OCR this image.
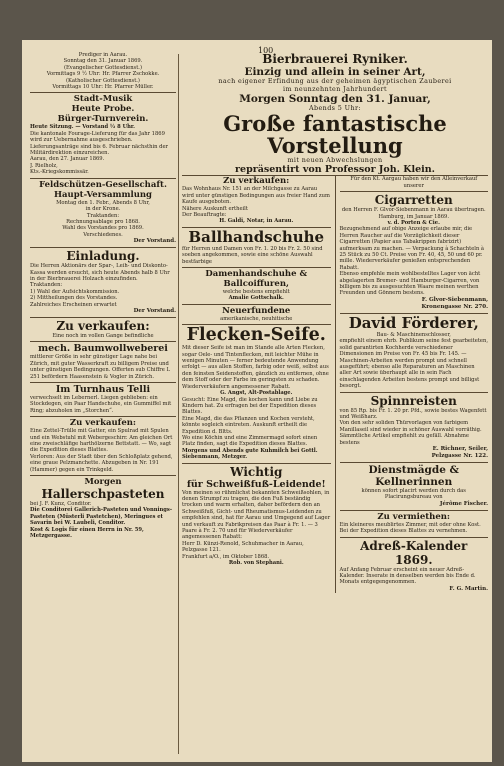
100
Prediger in Aarau.
Sonntag den 31. Januar 1869.
(Evangelischer Gottesdienst.)
Vormittags 9 ½ Uhr: Hr. Pfarrer Zschokke.
(Katholischer Gottesdienst.)
Vormittags 10 Uhr: Hr. Pfarrer Müller.
Stadt-Musik
Heute Probe.
Bürger-Turnverein.
Heute Sitzung. — Vorstand ½ 8 Uhr.
Die kantonale Fourage-Lieferung für das Jahr 1869 wird zur Uebernahme ausgeschrieben.
Lieferungsanträge sind bis 6. Februar nächsthin der Militärdirektion einzureichen.
Aarau, den 27. Januar 1869.
J. Rielholz,
Kts.-Kriegskommissär.
Feldschützen-Gesellschaft.
Haupt-Versammlung
Montag den 1. Febr., Abends 8 Uhr,
in der Krone.
Traktanden:
Rechnungsablage pro 1868.
Wahl des Vorstandes pro 1869.
Verschiedenes.
Der Vorstand.
Einladung.
Die Herren Aktionärs der Spar-, Leih- und Diskonto-Kassa werden ersucht, sich heute Abends halb 8 Uhr in der Bierbrauerei Holzach einzufinden.
Traktanden:
1) Wahl der Aufsichtskommission.
2) Mittheilungen des Vorstandes.
Zahlreiches Erscheinen erwartet
Der Vorstand.
Zu verkaufen:
Eine noch im vollen Gange befindliche
mech. Baumwollweberei
mittlerer Größe in sehr günstiger Lage nahe bei Zürich, mit guter Wasserkraft zu billigem Preise und unter günstigen Bedingungen. Offerten sub Chiffre L 251 befördern Haasenstein & Vogler in Zürich.
Im Turnhaus Telli
verwechselt im Lebernerl. Liegen geblieben: ein Stockdegen, ein Paar Handschuhe, ein Gummiffel mit Ring; abzuholen im „Storchen“.
Zu verkaufen:
Eine Zettel-Trülle mit Gatter, ein Spulrad mit Spulen und ein Webstuhl mit Webergeschirr. Am gleichen Ort eine zweischläfige harthölzerne Bettstatt. — Wo, sagt die Expedition dieses Blattes.
Verloren: Aus der Stadt über den Schloßplatz gehend, eine graue Pelzmanchette. Abzugeben in Nr. 191 (Hammer) gegen ein Trinkgeld.
Morgen
Hallerschpasteten
bei J. F. Kunz, Conditor.
Die Conditorei Gallerich-Pasteten und Vonnings-Pasteten (Müsterli Pastetchen), Meringues et Savarin bei W. Laubeli, Conditor.
Kost & Logis für einen Herrn in Nr. 59, Metzgergasse.
Bierbrauerei Ryniker.
Einzig und allein in seiner Art,
nach eigener Erfindung aus der geheimen ägyptischen Zauberei
im neunzehnten Jahrhundert
Morgen Sonntag den 31. Januar,
Abends 5 Uhr:
Große fantastische Vorstellung
mit neuen Abwechslungen
repräsentirt von Professor Joh. Klein.
Zu verkaufen:
Das Wohnhaus Nr. 151 an der Milchgasse zu Aarau wird unter günstigen Bedingungen aus freier Hand zum Kaufe ausgeboten.
Nähere Auskunft ertheilt
Der Beauftragte:
H. Galdi, Notar, in Aarau.
Ballhandschuhe
für Herren und Damen von Fr. 1. 20 bis Fr. 2. 50 sind soeben angekommen, sowie eine schöne Auswahl bestfarbige
Damenhandschuhe & Ballcoiffuren,
welche bestens empfiehlt
Amalie Gottschalk.
Neuerfundene
amerikanische, neuhitische
Flecken-Seife.
Mit dieser Seife ist man im Stande alle Arten Flecken, sogar Oele- und Tintenflecken, mit leichter Mühe in wenigen Minuten — ferner bedeutende Anwendung erfolgt — aus allen Stoffen, farbig oder weiß, selbst aus den feinsten Seidenstoffen, gänzlich zu entfernen, ohne dem Stoff oder der Farbe im geringsten zu schaden.
Wiederverkäufern angemessener Rabatt.
G. Angst, Alt-Postablage.
Gesucht: Eine Magd, die kochen kann und Liebe zu Kindern hat. Zu erfragen bei der Expedition dieses Blattes.
Eine Magd, die das Pflanzen und Kochen versteht, könnte sogleich eintreten. Auskunft ertheilt die Expedition d. Bltts.
Wo eine Köchin und eine Zimmermagd sofort einen Platz finden, sagt die Expedition dieses Blattes.
Morgens und Abends gute Kuhmilch bei Gottl. Siebenmann, Metzger.
Wichtig
für Schweißfuß-Leidende!
Von meinen so rühmlichst bekannten Schweißsohlen, in denen Strumpf zu tragen, die den Fuß beständig trocken und warm erhalten, daher befördern den an Schweißfuß, Gicht- und Rheumatismus-Leidenden zu empfehlen sind, hat für Aarau und Umgegend auf Lager und verkauft zu Fabrikpreisen das Paar à Fr. 1. — 3 Paare à Fr. 2. 70 und für Wiederverkäufer angemessenen Rabatt:
Herr D. Künzi-Renold, Schuhmacher in Aarau, Pelzgasse 121.
Frankfurt a/O., im Oktober 1868.
Rob. von Stephani.
Für den Kt. Aargau haben wir den Alleinverkauf unserer
Cigarretten
den Herren F. Glvor-Siebenmann in Aarau übertragen.
Hamburg, im Januar 1869.
v. d. Porten & Cie.
Bezugnehmend auf obige Anzeige erlaube mir, die Herren Raucher auf die Vorzüglichkeit dieser Cigarretten (Papier aus Tabakrippen fabrizirt) aufmerksam zu machen. — Verpackung à Schachteln à 25 Stück zu 50 Ct. Preise von Fr. 40, 45, 50 und 60 pr. mille. Wiederverkäufer genießen entsprechenden Rabatt.
Ebenso empfehle mein wohlbestelltes Lager von ächt abgelagerten Bremer- und Hamburger-Cigarren, von billigem bis zu ausgesuchten Waare meinen werthen Freunden und Gönnern bestens.
F. Glvor-Siebenmann,
Kronengasse Nr. 270.
David Förderer,
Bau- & Maschinenschlosser,
empfiehlt einem ehrb. Publikum seine fest gearbeiteten, solid garantirten Kochherde verschiedener Dimensionen im Preise von Fr. 45 bis Fr. 145. — Maschinen-Arbeiten werden prompt und schnell ausgeführt; ebenso alle Reparaturen an Maschinen aller Art sowie überhaupt alle in sein Fach einschlagenden Arbeiten bestens prompt und billigst besorgt.
Spinnreisten
von 85 Rp. bis Fr. 1. 20 pr. Pfd., sowie bestes Wagenfett und Weißharz.
Von den sehr soliden Thürvorlagen von farbigem Manillaseil sind wieder in schöner Auswahl vorräthig.
Sämmtliche Artikel empfiehlt zu gefäll. Abnahme bestens
E. Richner, Seiler,
Pelzgasse Nr. 122.
Dienstmägde & Kellnerinnen
können sofort placirt werden durch das Placirungsbureau von
Jérôme Fischer.
Zu vermiethen:
Ein kleineres meublirtes Zimmer, mit oder ohne Kost. Bei der Expedition dieses Blattes zu vernehmen.
Adreß-Kalender 1869.
Auf Anfang Februar erscheint ein neuer Adreß-Kalender. Inserate in denselben werden bis Ende d. Monats entgegengenommen.
F. G. Martin.
